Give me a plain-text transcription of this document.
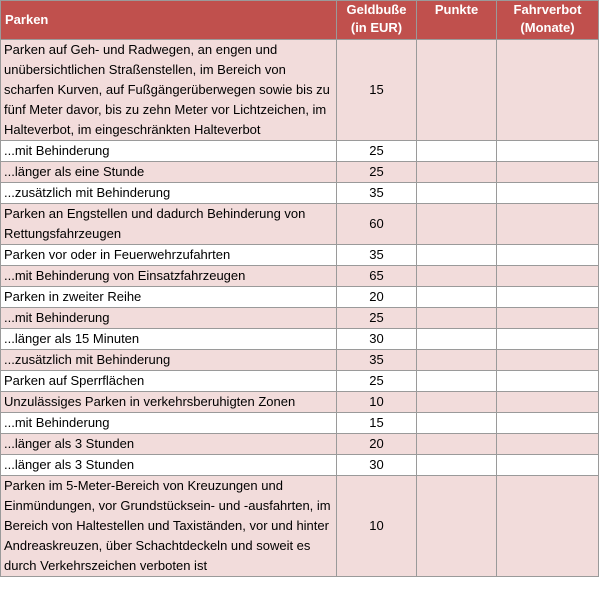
Parken	Geldbuße (in EUR)	Punkte	Fahrverbot (Monate)
Parken auf Geh- und Radwegen, an engen und unübersichtlichen Straßenstellen, im Bereich von scharfen Kurven, auf Fußgängerüberwegen sowie bis zu fünf Meter davor, bis zu zehn Meter vor Lichtzeichen, im Halteverbot, im eingeschränkten Halteverbot	15		
...mit Behinderung	25		
...länger als eine Stunde	25		
...zusätzlich mit Behinderung	35		
Parken an Engstellen und dadurch Behinderung von Rettungsfahrzeugen	60		
Parken vor oder in Feuerwehrzufahrten	35		
...mit Behinderung von Einsatzfahrzeugen	65		
Parken in zweiter Reihe	20		
...mit Behinderung	25		
...länger als 15 Minuten	30		
...zusätzlich mit Behinderung	35		
Parken auf Sperrflächen	25		
Unzulässiges Parken in verkehrsberuhigten Zonen	10		
...mit Behinderung	15		
...länger als 3 Stunden	20		
...länger als 3 Stunden	30		
Parken im 5-Meter-Bereich von Kreuzungen und Einmündungen, vor Grundstücksein- und -ausfahrten, im Bereich von Haltestellen und Taxiständen, vor und hinter Andreaskreuzen, über Schachtdeckeln und soweit es durch Verkehrszeichen verboten ist	10		
